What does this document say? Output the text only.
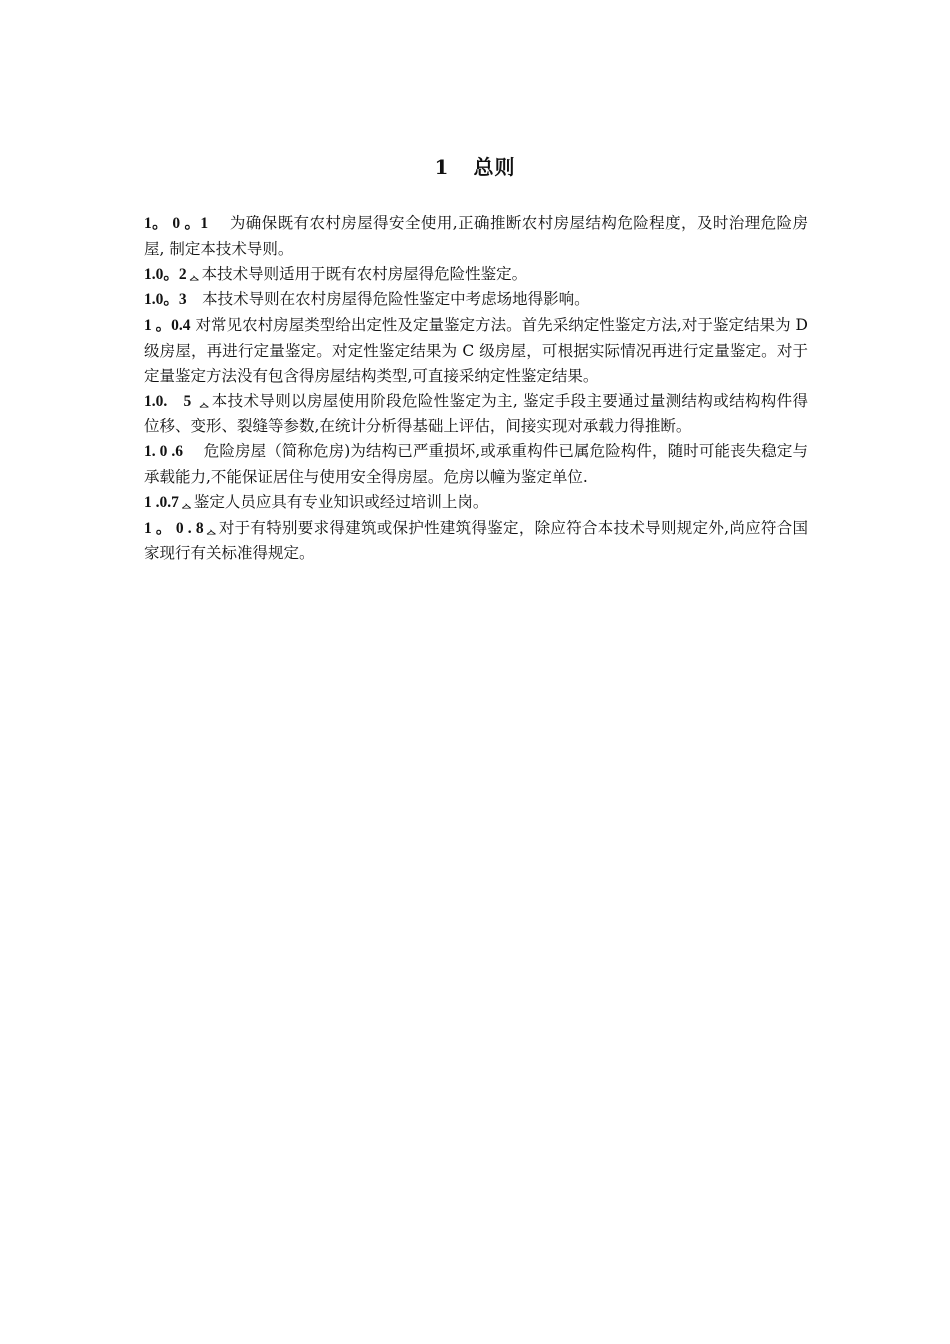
1 总则

1。 0 。1　 为确保既有农村房屋得安全使用,正确推断农村房屋结构危险程度，及时治理危险房屋, 制定本技术导则。

1.0。2ᇫ本技术导则适用于既有农村房屋得危险性鉴定。

1.0。3　 本技术导则在农村房屋得危险性鉴定中考虑场地得影响。

1 。0.4 对常见农村房屋类型给出定性及定量鉴定方法。首先采纳定性鉴定方法,对于鉴定结果为 D 级房屋，再进行定量鉴定。对定性鉴定结果为 C 级房屋，可根据实际情况再进行定量鉴定。对于定量鉴定方法没有包含得房屋结构类型,可直接采纳定性鉴定结果。

1.0.　5 ᇫ本技术导则以房屋使用阶段危险性鉴定为主, 鉴定手段主要通过量测结构或结构构件得位移、变形、裂缝等参数,在统计分析得基础上评估，间接实现对承载力得推断。

1. 0 .6　 危险房屋（简称危房)为结构已严重损坏,或承重构件已属危险构件，随时可能丧失稳定与承载能力,不能保证居住与使用安全得房屋。危房以幢为鉴定单位.

1 .0.7ᇫ鉴定人员应具有专业知识或经过培训上岗。

1 。 0 . 8ᇫ对于有特别要求得建筑或保护性建筑得鉴定，除应符合本技术导则规定外,尚应符合国家现行有关标准得规定。
